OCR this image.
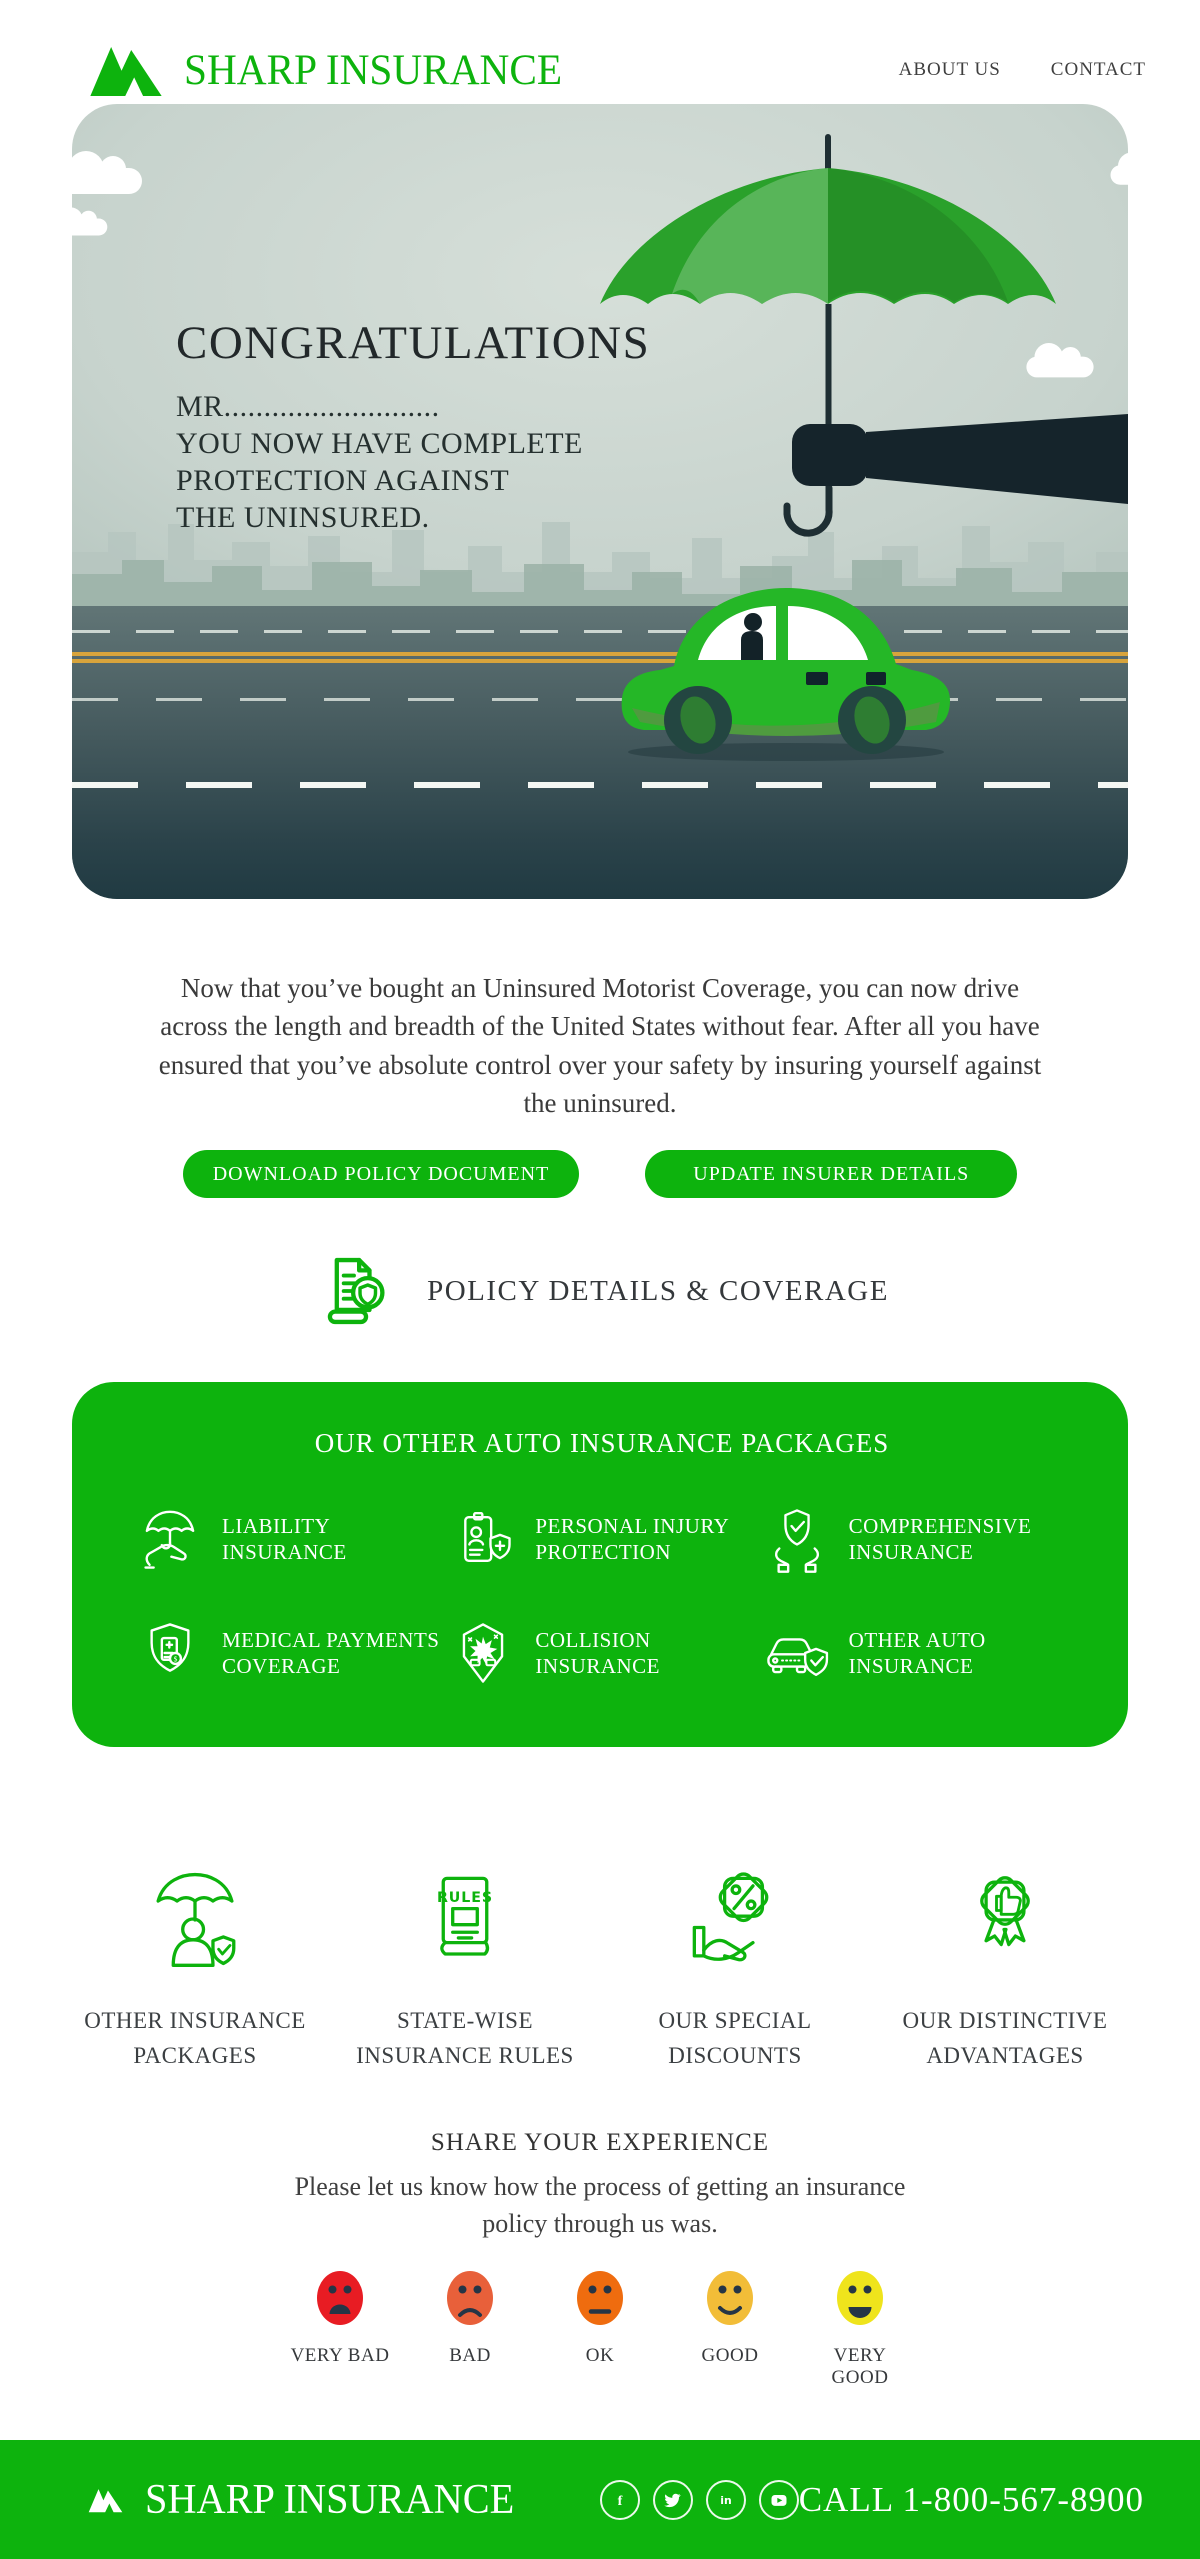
SHARP INSURANCE	ABOUT US	CONTACT
CONGRATULATIONS
MR...........................
YOU NOW HAVE COMPLETE
PROTECTION AGAINST
THE UNINSURED.
Now that you’ve bought an Uninsured Motorist Coverage, you can now drive across the length and breadth of the United States without fear. After all you have ensured that you’ve absolute control over your safety by insuring yourself against the uninsured.
DOWNLOAD POLICY DOCUMENT	UPDATE INSURER DETAILS
POLICY DETAILS & COVERAGE
OUR OTHER AUTO INSURANCE PACKAGES
LIABILITY
INSURANCE
PERSONAL INJURY
PROTECTION
COMPREHENSIVE
INSURANCE
$
MEDICAL PAYMENTS
COVERAGE
COLLISION
INSURANCE
OTHER AUTO
INSURANCE
OTHER INSURANCE
PACKAGES
RULES
STATE-WISE
INSURANCE RULES
OUR SPECIAL
DISCOUNTS
OUR DISTINCTIVE
ADVANTAGES
SHARE YOUR EXPERIENCE

Please let us know how the process of getting an insurance policy through us was.

VERY BAD	BAD	OK	GOOD	VERY GOOD
SHARP INSURANCE	f	in CALL 1-800-567-8900
